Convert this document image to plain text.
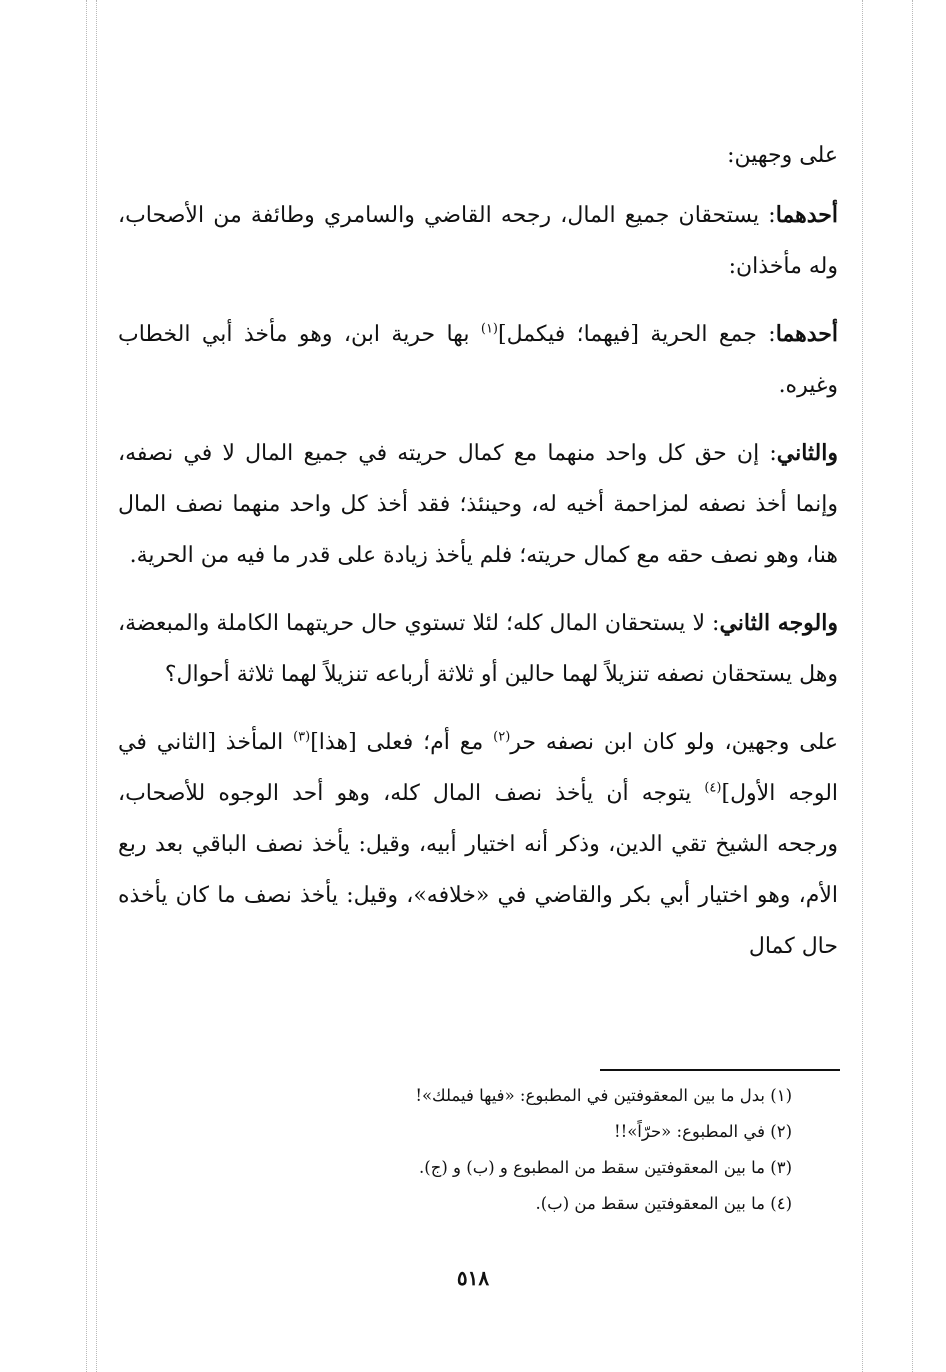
على وجهين:

أحدهما: يستحقان جميع المال، رجحه القاضي والسامري وطائفة من الأصحاب، وله مأخذان:

أحدهما: جمع الحرية [فيهما؛ فيكمل]$^{(١)}$ بها حرية ابن، وهو مأخذ أبي الخطاب وغيره.

والثاني: إن حق كل واحد منهما مع كمال حريته في جميع المال لا في نصفه، وإنما أخذ نصفه لمزاحمة أخيه له، وحينئذ؛ فقد أخذ كل واحد منهما نصف المال هنا، وهو نصف حقه مع كمال حريته؛ فلم يأخذ زيادة على قدر ما فيه من الحرية.

والوجه الثاني: لا يستحقان المال كله؛ لئلا تستوي حال حريتهما الكاملة والمبعضة، وهل يستحقان نصفه تنزيلاً لهما حالين أو ثلاثة أرباعه تنزيلاً لهما ثلاثة أحوال؟

على وجهين، ولو كان ابن نصفه حر$^{(٢)}$ مع أم؛ فعلى [هذا]$^{(٣)}$ المأخذ [الثاني في الوجه الأول]$^{(٤)}$ يتوجه أن يأخذ نصف المال كله، وهو أحد الوجوه للأصحاب، ورجحه الشيخ تقي الدين، وذكر أنه اختيار أبيه، وقيل: يأخذ نصف الباقي بعد ربع الأم، وهو اختيار أبي بكر والقاضي في «خلافه»، وقيل: يأخذ نصف ما كان يأخذه حال كمال

(١) بدل ما بين المعقوفتين في المطبوع: «فيها فيملك»!
(٢) في المطبوع: «حرّاً»!!
(٣) ما بين المعقوفتين سقط من المطبوع و (ب) و (ج).
(٤) ما بين المعقوفتين سقط من (ب).
٥١٨
